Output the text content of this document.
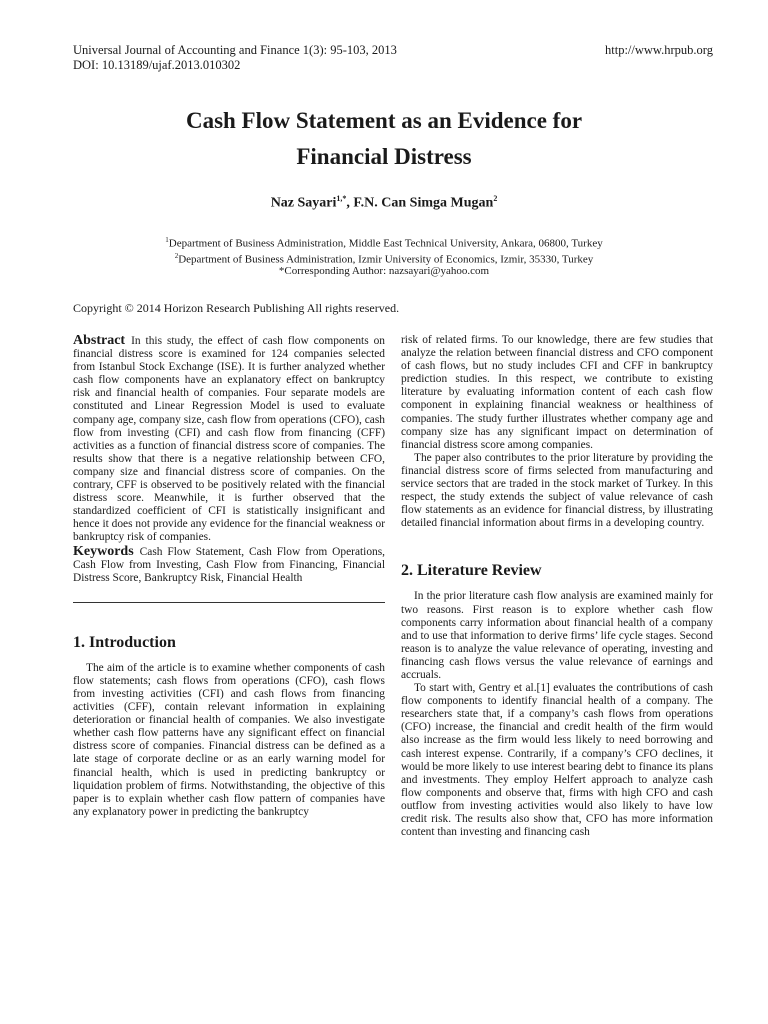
Universal Journal of Accounting and Finance 1(3): 95-103, 2013
DOI: 10.13189/ujaf.2013.010302
http://www.hrpub.org
Cash Flow Statement as an Evidence for
Financial Distress
Naz Sayari$^{1,*}$, F.N. Can Simga Mugan$^2$
$^1$Department of Business Administration, Middle East Technical University, Ankara, 06800, Turkey
$^2$Department of Business Administration, Izmir University of Economics, Izmir, 35330, Turkey
*Corresponding Author: nazsayari@yahoo.com
Copyright © 2014 Horizon Research Publishing All rights reserved.

Abstract In this study, the effect of cash flow components on financial distress score is examined for 124 companies selected from Istanbul Stock Exchange (ISE). It is further analyzed whether cash flow components have an explanatory effect on bankruptcy risk and financial health of companies. Four separate models are constituted and Linear Regression Model is used to evaluate company age, company size, cash flow from operations (CFO), cash flow from investing (CFI) and cash flow from financing (CFF) activities as a function of financial distress score of companies. The results show that there is a negative relationship between CFO, company size and financial distress score of companies. On the contrary, CFF is observed to be positively related with the financial distress score. Meanwhile, it is further observed that the standardized coefficient of CFI is statistically insignificant and hence it does not provide any evidence for the financial weakness or bankruptcy risk of companies.

Keywords Cash Flow Statement, Cash Flow from Operations, Cash Flow from Investing, Cash Flow from Financing, Financial Distress Score, Bankruptcy Risk, Financial Health

1. Introduction

The aim of the article is to examine whether components of cash flow statements; cash flows from operations (CFO), cash flows from investing activities (CFI) and cash flows from financing activities (CFF), contain relevant information in explaining deterioration or financial health of companies. We also investigate whether cash flow patterns have any significant effect on financial distress score of companies. Financial distress can be defined as a late stage of corporate decline or as an early warning model for financial health, which is used in predicting bankruptcy or liquidation problem of firms. Notwithstanding, the objective of this paper is to explain whether cash flow pattern of companies have any explanatory power in predicting the bankruptcy

risk of related firms. To our knowledge, there are few studies that analyze the relation between financial distress and CFO component of cash flows, but no study includes CFI and CFF in bankruptcy prediction studies. In this respect, we contribute to existing literature by evaluating information content of each cash flow component in explaining financial weakness or healthiness of companies. The study further illustrates whether company age and company size has any significant impact on determination of financial distress score among companies.

The paper also contributes to the prior literature by providing the financial distress score of firms selected from manufacturing and service sectors that are traded in the stock market of Turkey. In this respect, the study extends the subject of value relevance of cash flow statements as an evidence for financial distress, by illustrating detailed financial information about firms in a developing country.

2. Literature Review

In the prior literature cash flow analysis are examined mainly for two reasons. First reason is to explore whether cash flow components carry information about financial health of a company and to use that information to derive firms’ life cycle stages. Second reason is to analyze the value relevance of operating, investing and financing cash flows versus the value relevance of earnings and accruals.

To start with, Gentry et al.[1] evaluates the contributions of cash flow components to identify financial health of a company. The researchers state that, if a company’s cash flows from operations (CFO) increase, the financial and credit health of the firm would also increase as the firm would less likely to need borrowing and cash interest expense. Contrarily, if a company’s CFO declines, it would be more likely to use interest bearing debt to finance its plans and investments. They employ Helfert approach to analyze cash flow components and observe that, firms with high CFO and cash outflow from investing activities would also likely to have low credit risk. The results also show that, CFO has more information content than investing and financing cash
